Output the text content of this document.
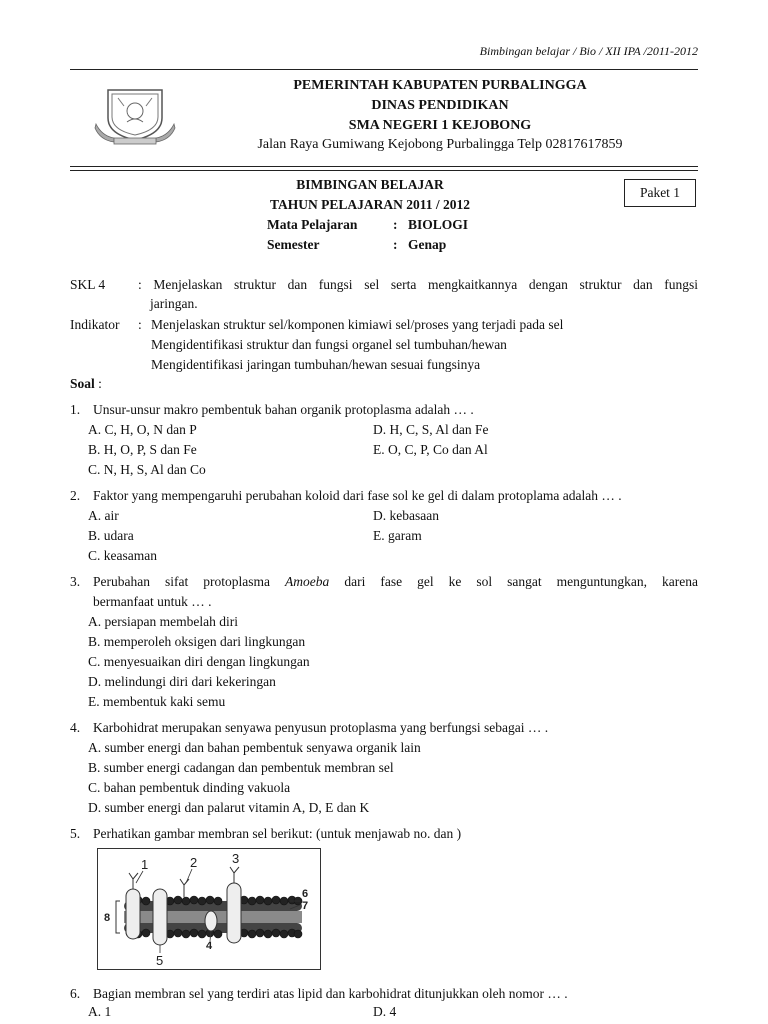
Bimbingan belajar / Bio / XII IPA /2011-2012
PEMERINTAH KABUPATEN PURBALINGGA
DINAS PENDIDIKAN
SMA NEGERI 1 KEJOBONG
Jalan Raya Gumiwang Kejobong Purbalingga Telp 02817617859
BIMBINGAN BELAJAR
TAHUN PELAJARAN 2011 / 2012
Paket 1
Mata Pelajaran	: BIOLOGI
Semester	: Genap
SKL 4 : Menjelaskan struktur dan fungsi sel serta mengkaitkannya dengan struktur dan fungsi
jaringan.
Indikator : Menjelaskan struktur sel/komponen kimiawi sel/proses yang terjadi pada sel
Mengidentifikasi struktur dan fungsi organel sel tumbuhan/hewan
Mengidentifikasi jaringan tumbuhan/hewan sesuai fungsinya
Soal :
1. Unsur-unsur makro pembentuk bahan organik protoplasma adalah … .
A. C, H, O, N dan P
B. H, O, P, S dan Fe
C. N, H, S, Al dan Co
D. H, C, S, Al dan Fe
E. O, C, P, Co dan Al
2. Faktor yang mempengaruhi perubahan koloid dari fase sol ke gel di dalam protoplama adalah … .
A. air
B. udara
C. keasaman
D. kebasaan
E. garam
3. Perubahan sifat protoplasma Amoeba dari fase gel ke sol sangat menguntungkan, karena
bermanfaat untuk … .
A. persiapan membelah diri
B. memperoleh oksigen dari lingkungan
C. menyesuaikan diri dengan lingkungan
D. melindungi diri dari kekeringan
E. membentuk kaki semu
4. Karbohidrat merupakan senyawa penyusun protoplasma yang berfungsi sebagai … .
A. sumber energi dan bahan pembentuk senyawa organik lain
B. sumber energi cadangan dan pembentuk membran sel
C. bahan pembentuk dinding vakuola
D. sumber energi dan palarut vitamin A, D, E dan K
5. Perhatikan gambar membran sel berikut: (untuk menjawab no. dan )
1	2	3
4
5
6
7
8
6. Bagian membran sel yang terdiri atas lipid dan karbohidrat ditunjukkan oleh nomor … .
A. 1	D. 4
